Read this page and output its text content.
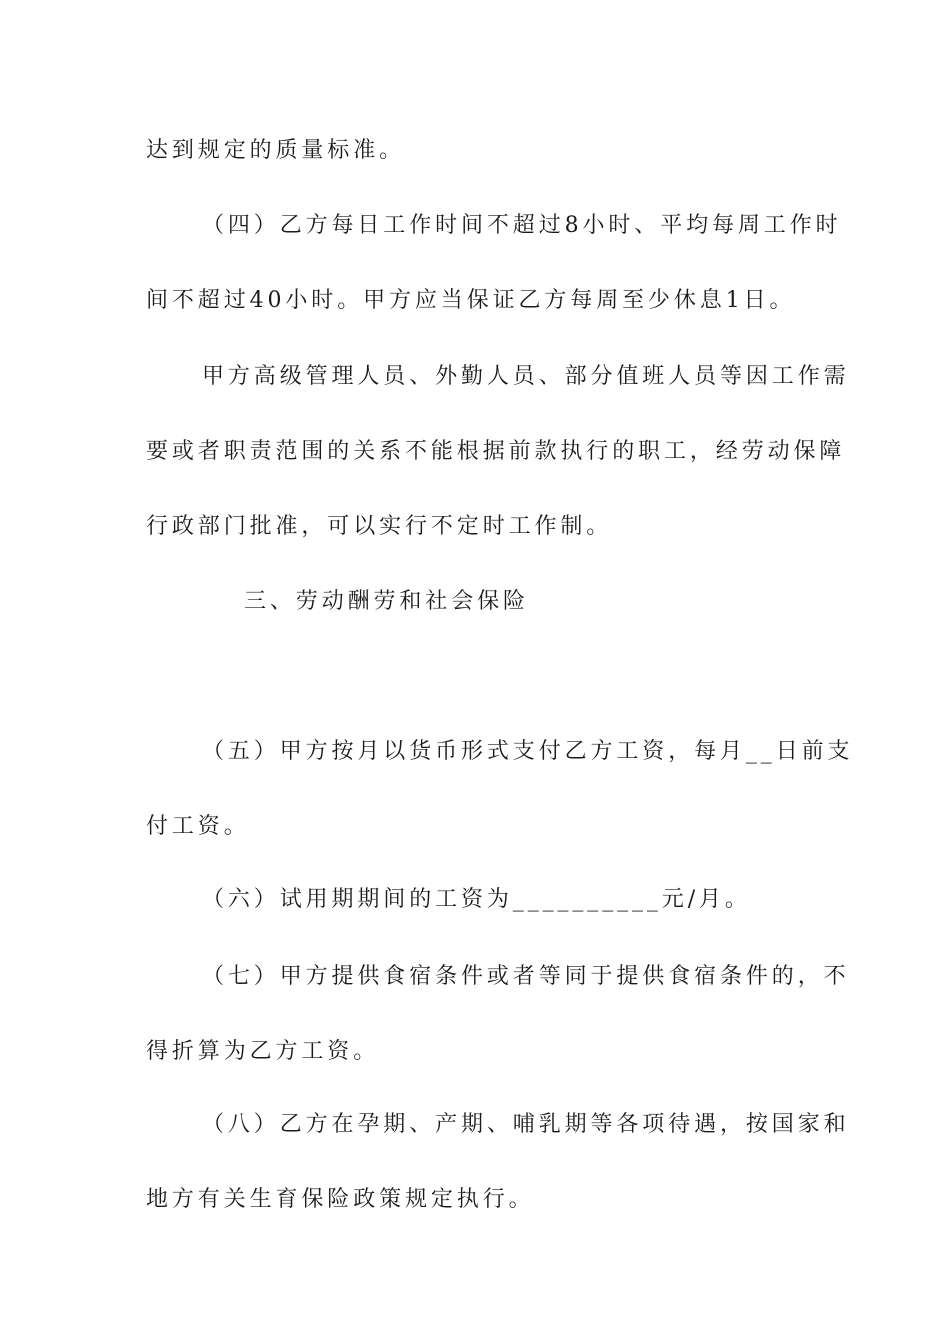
达到规定的质量标准。
（四）乙方每日工作时间不超过8小时、平均每周工作时
间不超过40小时。甲方应当保证乙方每周至少休息1日。
甲方高级管理人员、外勤人员、部分值班人员等因工作需
要或者职责范围的关系不能根据前款执行的职工，经劳动保障
行政部门批准，可以实行不定时工作制。
三、劳动酬劳和社会保险
（五）甲方按月以货币形式支付乙方工资，每月__日前支
付工资。
（六）试用期期间的工资为__________元/月。
（七）甲方提供食宿条件或者等同于提供食宿条件的，不
得折算为乙方工资。
（八）乙方在孕期、产期、哺乳期等各项待遇，按国家和
地方有关生育保险政策规定执行。
